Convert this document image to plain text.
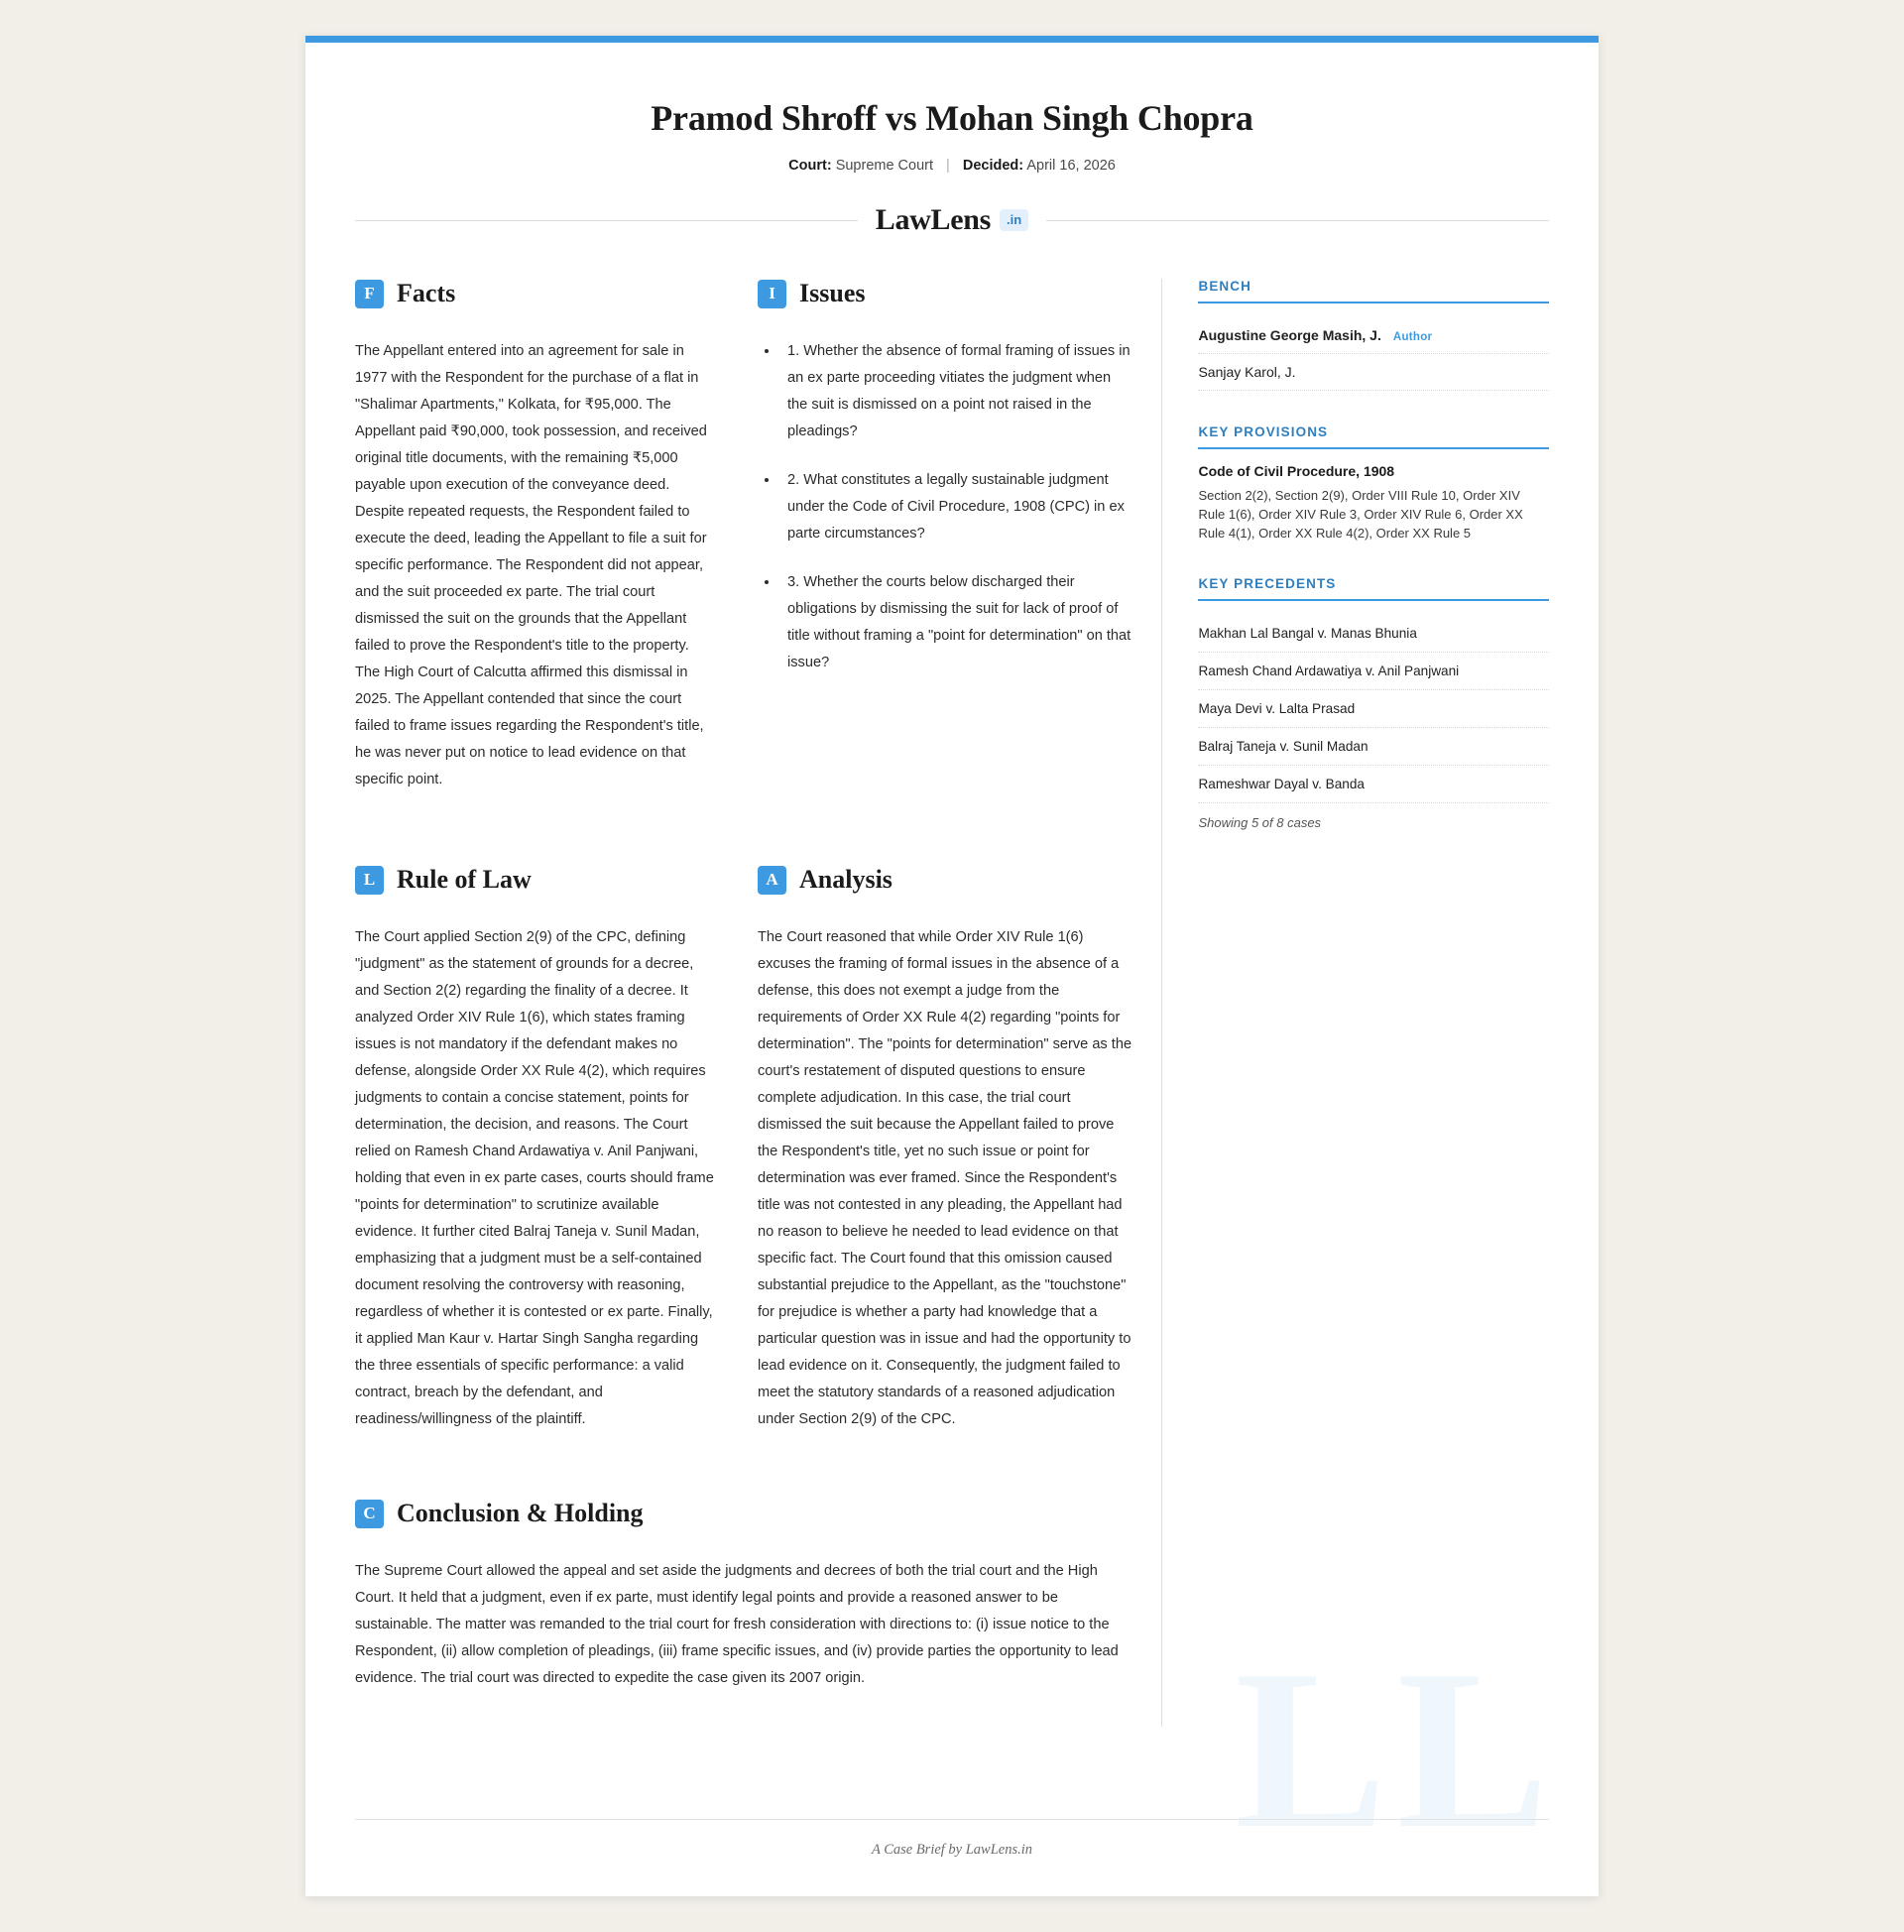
LL
Pramod Shroff vs Mohan Singh Chopra
Court: Supreme Court | Decided: April 16, 2026
LawLens	.in
F Facts
The Appellant entered into an agreement for sale in 1977 with the Respondent for the purchase of a flat in "Shalimar Apartments," Kolkata, for ₹95,000. The Appellant paid ₹90,000, took possession, and received original title documents, with the remaining ₹5,000 payable upon execution of the conveyance deed. Despite repeated requests, the Respondent failed to execute the deed, leading the Appellant to file a suit for specific performance. The Respondent did not appear, and the suit proceeded ex parte. The trial court dismissed the suit on the grounds that the Appellant failed to prove the Respondent's title to the property. The High Court of Calcutta affirmed this dismissal in 2025. The Appellant contended that since the court failed to frame issues regarding the Respondent's title, he was never put on notice to lead evidence on that specific point.
I Issues
• 1. Whether the absence of formal framing of issues in an ex parte proceeding vitiates the judgment when the suit is dismissed on a point not raised in the pleadings?
• 2. What constitutes a legally sustainable judgment under the Code of Civil Procedure, 1908 (CPC) in ex parte circumstances?
• 3. Whether the courts below discharged their obligations by dismissing the suit for lack of proof of title without framing a "point for determination" on that issue?
L Rule of Law
The Court applied Section 2(9) of the CPC, defining "judgment" as the statement of grounds for a decree, and Section 2(2) regarding the finality of a decree. It analyzed Order XIV Rule 1(6), which states framing issues is not mandatory if the defendant makes no defense, alongside Order XX Rule 4(2), which requires judgments to contain a concise statement, points for determination, the decision, and reasons. The Court relied on Ramesh Chand Ardawatiya v. Anil Panjwani, holding that even in ex parte cases, courts should frame "points for determination" to scrutinize available evidence. It further cited Balraj Taneja v. Sunil Madan, emphasizing that a judgment must be a self-contained document resolving the controversy with reasoning, regardless of whether it is contested or ex parte. Finally, it applied Man Kaur v. Hartar Singh Sangha regarding the three essentials of specific performance: a valid contract, breach by the defendant, and readiness/willingness of the plaintiff.
A Analysis
The Court reasoned that while Order XIV Rule 1(6) excuses the framing of formal issues in the absence of a defense, this does not exempt a judge from the requirements of Order XX Rule 4(2) regarding "points for determination". The "points for determination" serve as the court's restatement of disputed questions to ensure complete adjudication. In this case, the trial court dismissed the suit because the Appellant failed to prove the Respondent's title, yet no such issue or point for determination was ever framed. Since the Respondent's title was not contested in any pleading, the Appellant had no reason to believe he needed to lead evidence on that specific fact. The Court found that this omission caused substantial prejudice to the Appellant, as the "touchstone" for prejudice is whether a party had knowledge that a particular question was in issue and had the opportunity to lead evidence on it. Consequently, the judgment failed to meet the statutory standards of a reasoned adjudication under Section 2(9) of the CPC.
C Conclusion & Holding
The Supreme Court allowed the appeal and set aside the judgments and decrees of both the trial court and the High Court. It held that a judgment, even if ex parte, must identify legal points and provide a reasoned answer to be sustainable. The matter was remanded to the trial court for fresh consideration with directions to: (i) issue notice to the Respondent, (ii) allow completion of pleadings, (iii) frame specific issues, and (iv) provide parties the opportunity to lead evidence. The trial court was directed to expedite the case given its 2007 origin.
BENCH
Augustine George Masih, J. Author
Sanjay Karol, J.
KEY PROVISIONS
Code of Civil Procedure, 1908
Section 2(2), Section 2(9), Order VIII Rule 10, Order XIV Rule 1(6), Order XIV Rule 3, Order XIV Rule 6, Order XX Rule 4(1), Order XX Rule 4(2), Order XX Rule 5
KEY PRECEDENTS
Makhan Lal Bangal v. Manas Bhunia
Ramesh Chand Ardawatiya v. Anil Panjwani
Maya Devi v. Lalta Prasad
Balraj Taneja v. Sunil Madan
Rameshwar Dayal v. Banda
Showing 5 of 8 cases
A Case Brief by LawLens.in
